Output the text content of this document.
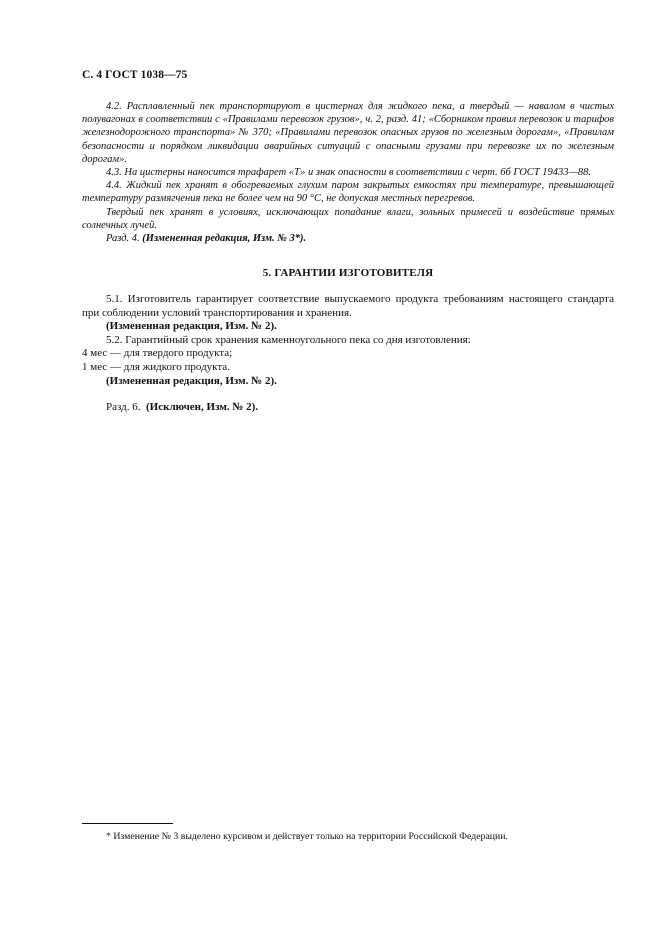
С. 4 ГОСТ 1038—75

4.2. Расплавленный пек транспортируют в цистернах для жидкого пека, а твердый — навалом в чистых полувагонах в соответствии с «Правилами перевозок грузов», ч. 2, разд. 41; «Сборником правил перевозок и тарифов железнодорожного транспорта» № 370; «Правилами перевозок опасных грузов по железным дорогам», «Правилам безопасности и порядком ликвидации аварийных ситуаций с опасными грузами при перевозке их по железным дорогам».

4.3. На цистерны наносится трафарет «Т» и знак опасности в соответствии с черт. 6б ГОСТ 19433—88.

4.4. Жидкий пек хранят в обогреваемых глухим паром закрытых емкостях при температуре, превышающей температуру размягчения пека не более чем на 90 °С, не допуская местных перегревов.

Твердый пек хранят в условиях, исключающих попадание влаги, зольных примесей и воздействие прямых солнечных лучей.

Разд. 4. (Измененная редакция, Изм. № 3*).

5. ГАРАНТИИ ИЗГОТОВИТЕЛЯ

5.1. Изготовитель гарантирует соответствие выпускаемого продукта требованиям настоящего стандарта при соблюдении условий транспортирования и хранения.

(Измененная редакция, Изм. № 2).

5.2. Гарантийный срок хранения каменноугольного пека со дня изготовления:

4 мес — для твердого продукта;

1 мес — для жидкого продукта.

(Измененная редакция, Изм. № 2).

Разд. 6. (Исключен, Изм. № 2).
* Изменение № 3 выделено курсивом и действует только на территории Российской Федерации.
